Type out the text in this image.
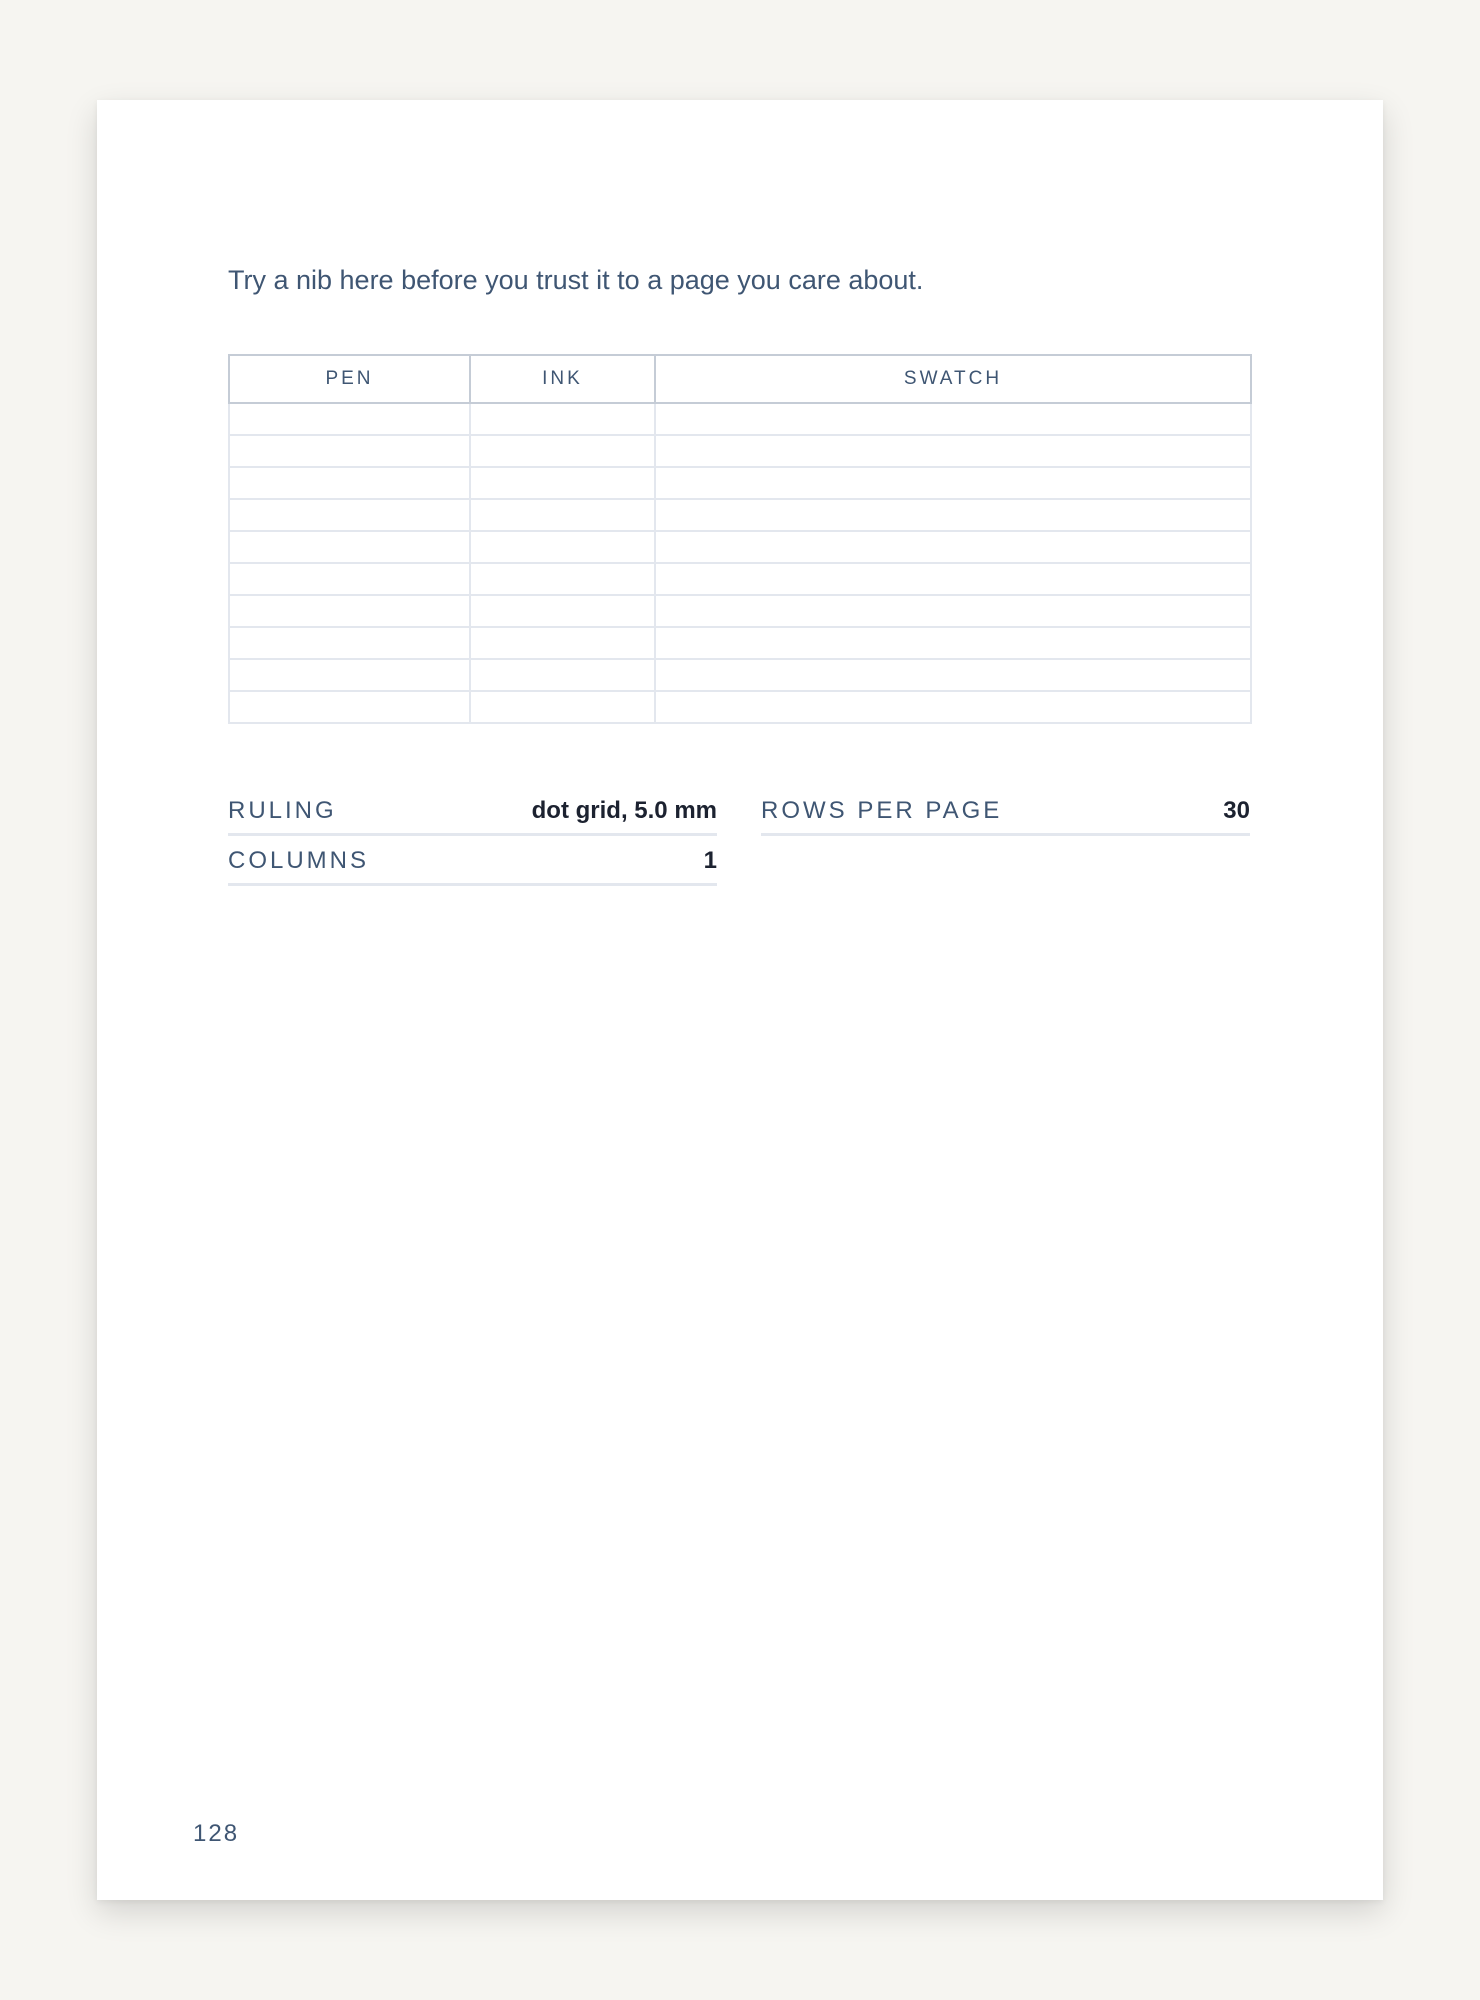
Try a nib here before you trust it to a page you care about.

PEN	INK	SWATCH

RULING	dot grid, 5.0 mm ROWS PER PAGE	30
COLUMNS	1
128
